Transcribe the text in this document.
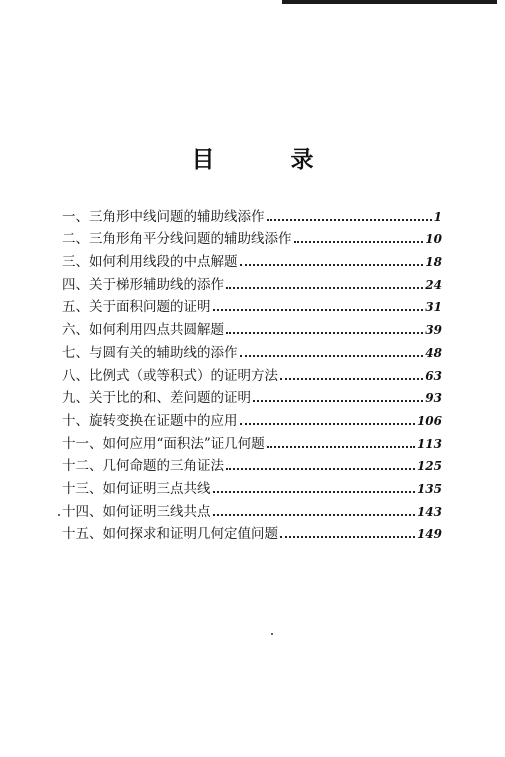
目 录
一、三角形中线问题的辅助线添作	1
二、三角形角平分线问题的辅助线添作	10
三、如何利用线段的中点解题	18
四、关于梯形辅助线的添作	24
五、关于面积问题的证明	31
六、如何利用四点共圆解题	39
七、与圆有关的辅助线的添作	48
八、比例式（或等积式）的证明方法	63
九、关于比的和、差问题的证明	93
十、旋转变换在证题中的应用	106
十一、如何应用“面积法”证几何题	113
十二、几何命题的三角证法	125
十三、如何证明三点共线	135
十四、如何证明三线共点	143
十五、如何探求和证明几何定值问题	149
